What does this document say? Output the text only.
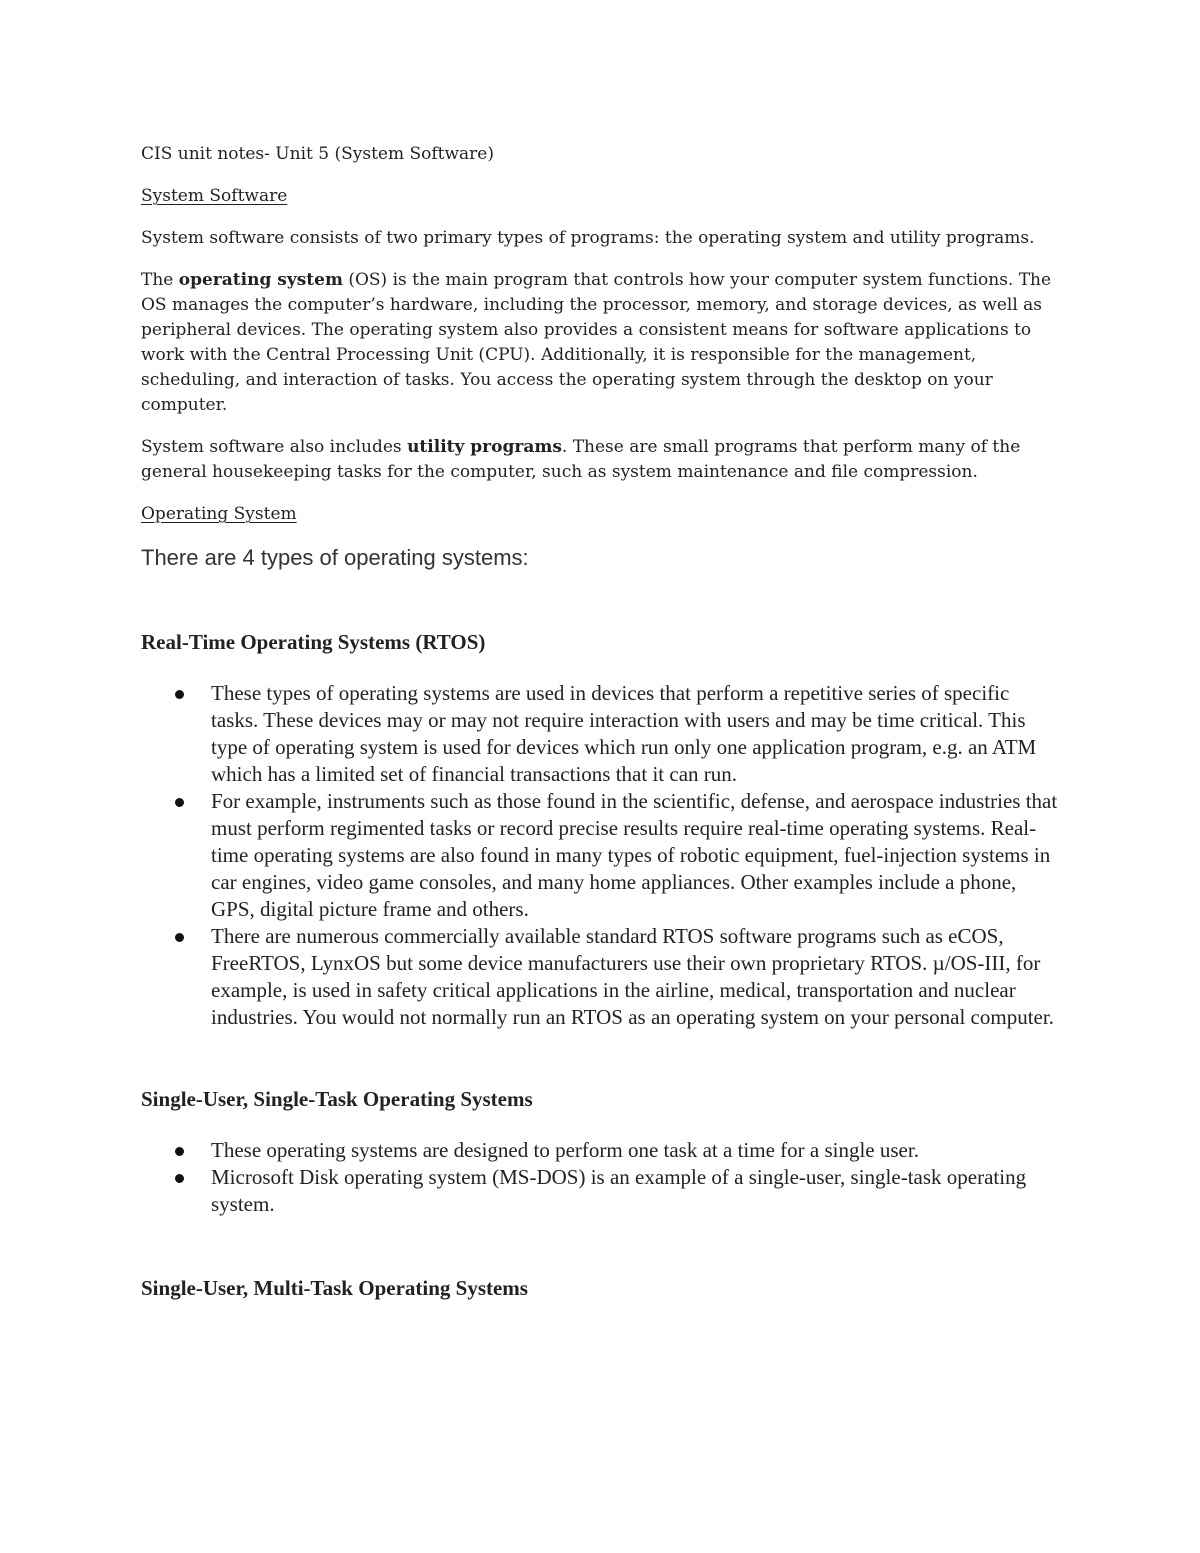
CIS unit notes- Unit 5 (System Software)

System Software

System software consists of two primary types of programs: the operating system and utility programs.

The operating system (OS) is the main program that controls how your computer system functions. The OS manages the computer’s hardware, including the processor, memory, and storage devices, as well as peripheral devices. The operating system also provides a consistent means for software applications to work with the Central Processing Unit (CPU). Additionally, it is responsible for the management, scheduling, and interaction of tasks. You access the operating system through the desktop on your computer.

System software also includes utility programs. These are small programs that perform many of the general housekeeping tasks for the computer, such as system maintenance and file compression.

Operating System

There are 4 types of operating systems:

Real-Time Operating Systems (RTOS)
These types of operating systems are used in devices that perform a repetitive series of specific tasks. These devices may or may not require interaction with users and may be time critical. This type of operating system is used for devices which run only one application program, e.g. an ATM which has a limited set of financial transactions that it can run.
For example, instruments such as those found in the scientific, defense, and aerospace industries that must perform regimented tasks or record precise results require real-time operating systems. Real-time operating systems are also found in many types of robotic equipment, fuel-injection systems in car engines, video game consoles, and many home appliances. Other examples include a phone, GPS, digital picture frame and others.
There are numerous commercially available standard RTOS software programs such as eCOS, FreeRTOS, LynxOS but some device manufacturers use their own proprietary RTOS. µ/OS-III, for example, is used in safety critical applications in the airline, medical, transportation and nuclear industries. You would not normally run an RTOS as an operating system on your personal computer.
Single-User, Single-Task Operating Systems
These operating systems are designed to perform one task at a time for a single user.
Microsoft Disk operating system (MS-DOS) is an example of a single-user, single-task operating system.
Single-User, Multi-Task Operating Systems
